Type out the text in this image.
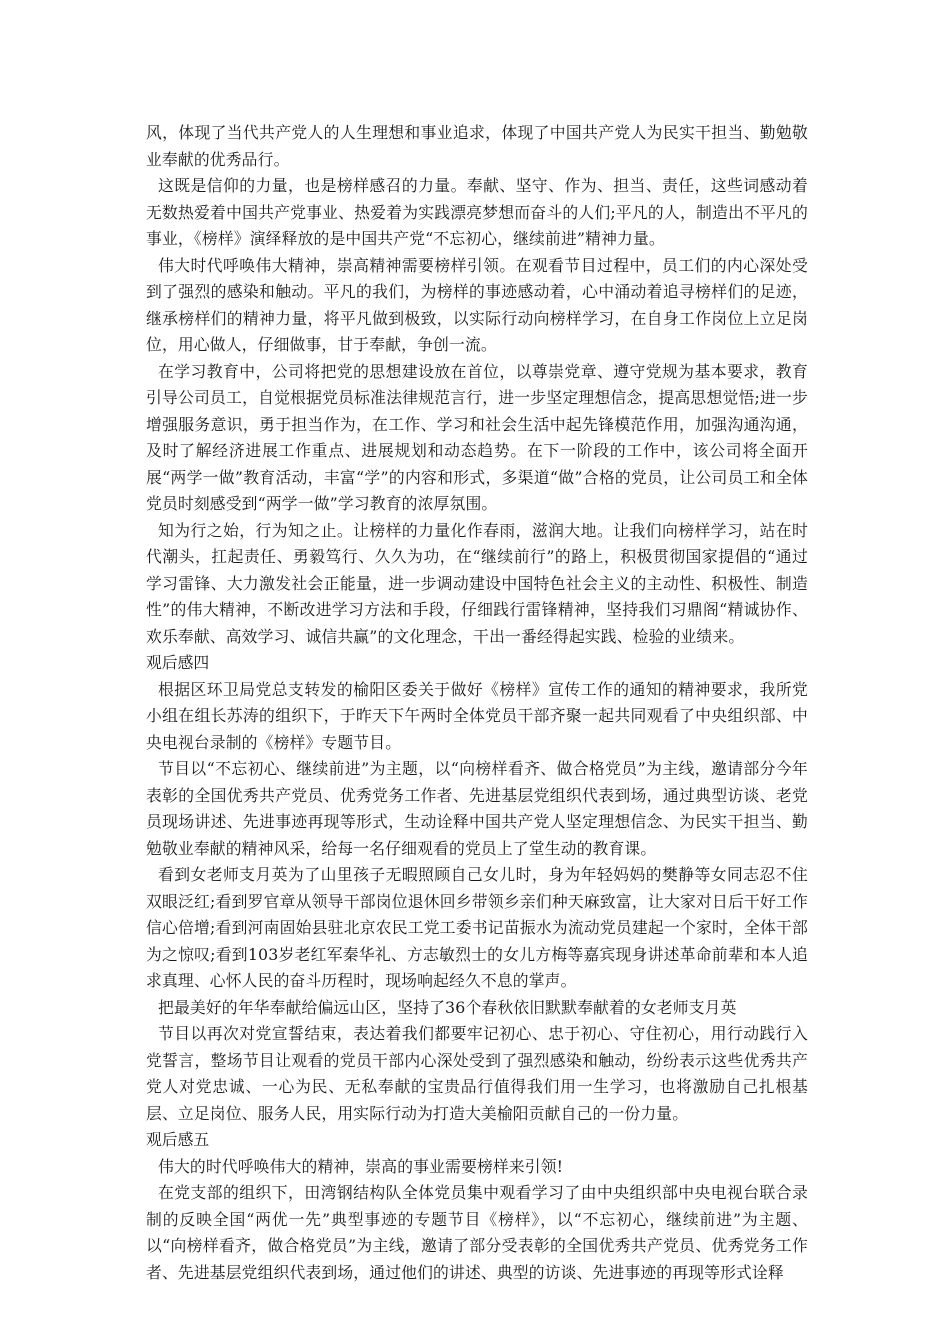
风，体现了当代共产党人的人生理想和事业追求，体现了中国共产党人为民实干担当、勤勉敬业奉献的优秀品行。

这既是信仰的力量，也是榜样感召的力量。奉献、坚守、作为、担当、责任，这些词感动着无数热爱着中国共产党事业、热爱着为实践漂亮梦想而奋斗的人们;平凡的人，制造出不平凡的事业，《榜样》演绎释放的是中国共产党“不忘初心，继续前进”精神力量。

伟大时代呼唤伟大精神，崇高精神需要榜样引领。在观看节目过程中，员工们的内心深处受到了强烈的感染和触动。平凡的我们，为榜样的事迹感动着，心中涌动着追寻榜样们的足迹，继承榜样们的精神力量，将平凡做到极致，以实际行动向榜样学习，在自身工作岗位上立足岗位，用心做人，仔细做事，甘于奉献，争创一流。

在学习教育中，公司将把党的思想建设放在首位，以尊崇党章、遵守党规为基本要求，教育引导公司员工，自觉根据党员标准法律规范言行，进一步坚定理想信念，提高思想觉悟;进一步增强服务意识，勇于担当作为，在工作、学习和社会生活中起先锋模范作用，加强沟通沟通，及时了解经济进展工作重点、进展规划和动态趋势。在下一阶段的工作中，该公司将全面开展“两学一做”教育活动，丰富“学”的内容和形式，多渠道“做”合格的党员，让公司员工和全体党员时刻感受到“两学一做”学习教育的浓厚氛围。

知为行之始，行为知之止。让榜样的力量化作春雨，滋润大地。让我们向榜样学习，站在时代潮头，扛起责任、勇毅笃行、久久为功，在“继续前行”的路上，积极贯彻国家提倡的“通过学习雷锋、大力激发社会正能量，进一步调动建设中国特色社会主义的主动性、积极性、制造性”的伟大精神，不断改进学习方法和手段，仔细践行雷锋精神，坚持我们习鼎阁“精诚协作、欢乐奉献、高效学习、诚信共赢”的文化理念，干出一番经得起实践、检验的业绩来。

观后感四

根据区环卫局党总支转发的榆阳区委关于做好《榜样》宣传工作的通知的精神要求，我所党小组在组长苏涛的组织下，于昨天下午两时全体党员干部齐聚一起共同观看了中央组织部、中央电视台录制的《榜样》专题节目。

节目以“不忘初心、继续前进”为主题，以“向榜样看齐、做合格党员”为主线，邀请部分今年表彰的全国优秀共产党员、优秀党务工作者、先进基层党组织代表到场，通过典型访谈、老党员现场讲述、先进事迹再现等形式，生动诠释中国共产党人坚定理想信念、为民实干担当、勤勉敬业奉献的精神风采，给每一名仔细观看的党员上了堂生动的教育课。

看到女老师支月英为了山里孩子无暇照顾自己女儿时，身为年轻妈妈的樊静等女同志忍不住双眼泛红;看到罗官章从领导干部岗位退休回乡带领乡亲们种天麻致富，让大家对日后干好工作信心倍增;看到河南固始县驻北京农民工党工委书记苗振水为流动党员建起一个家时，全体干部为之惊叹;看到103岁老红军秦华礼、方志敏烈士的女儿方梅等嘉宾现身讲述革命前辈和本人追求真理、心怀人民的奋斗历程时，现场响起经久不息的掌声。

把最美好的年华奉献给偏远山区，坚持了36个春秋依旧默默奉献着的女老师支月英

节目以再次对党宣誓结束，表达着我们都要牢记初心、忠于初心、守住初心，用行动践行入党誓言，整场节目让观看的党员干部内心深处受到了强烈感染和触动，纷纷表示这些优秀共产党人对党忠诚、一心为民、无私奉献的宝贵品行值得我们用一生学习，也将激励自己扎根基层、立足岗位、服务人民，用实际行动为打造大美榆阳贡献自己的一份力量。

观后感五

伟大的时代呼唤伟大的精神，崇高的事业需要榜样来引领!

在党支部的组织下，田湾钢结构队全体党员集中观看学习了由中央组织部中央电视台联合录制的反映全国“两优一先”典型事迹的专题节目《榜样》，以“不忘初心，继续前进”为主题、以“向榜样看齐，做合格党员”为主线，邀请了部分受表彰的全国优秀共产党员、优秀党务工作者、先进基层党组织代表到场，通过他们的讲述、典型的访谈、先进事迹的再现等形式诠释
